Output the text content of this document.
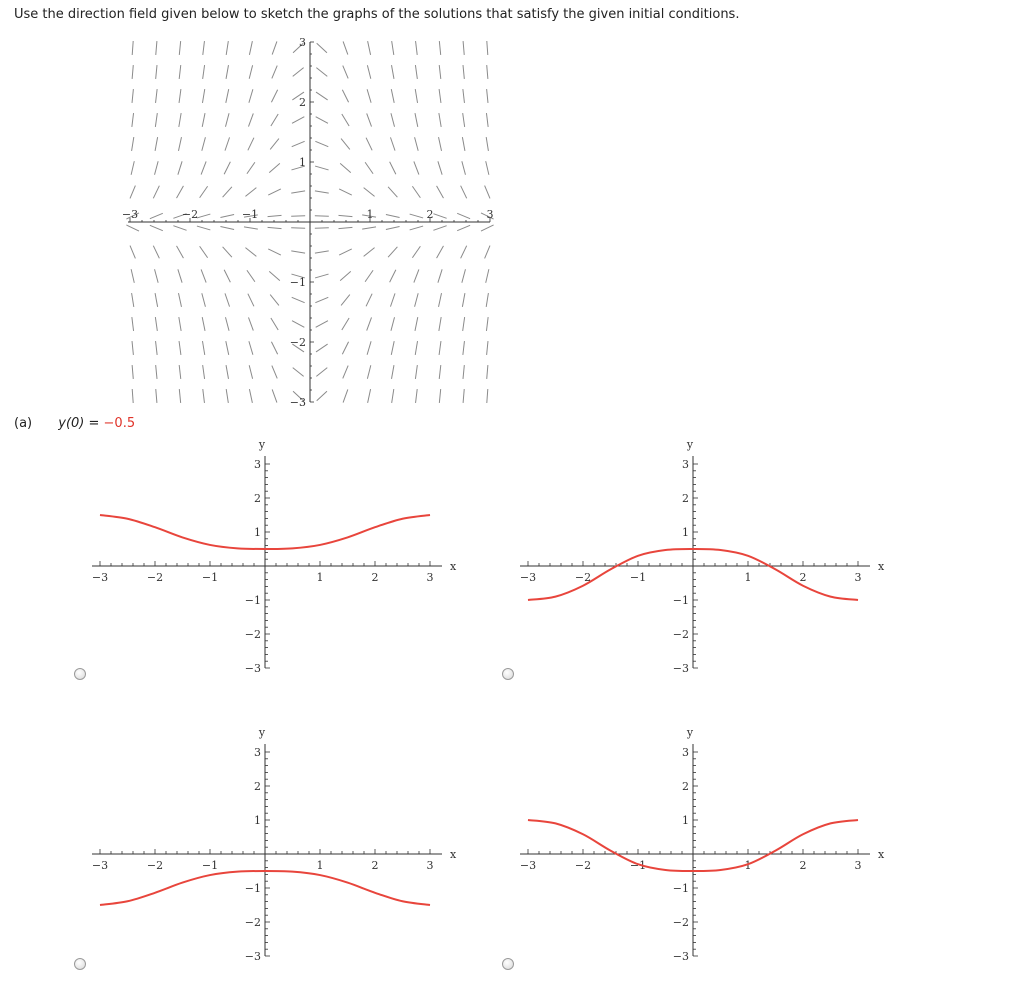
Use the direction field given below to sketch the graphs of the solutions that satisfy the given initial conditions.
−3	−2	−1	1	2	3
3
2
1
−1
−2
−3
(a) y(0) = −0.5
−3	−2	−1	1	2	3
3
2
1
−1
−2
−3
x
y
−3	−2	−1	1	2	3
3
2
1
−1
−2
−3
x
y
−3	−2	−1	1	2	3
3
2
1
−1
−2
−3
x
y
−3	−2	−1	1	2	3
3
2
1
−1
−2
−3
x
y
